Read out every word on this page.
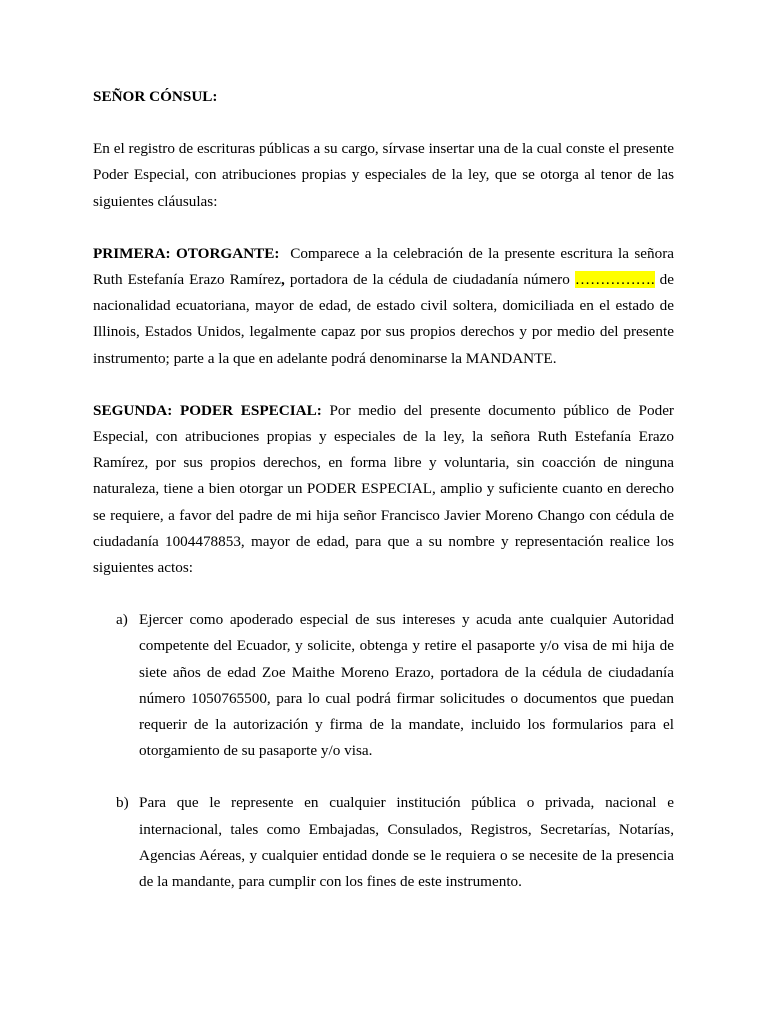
SEÑOR CÓNSUL:

En el registro de escrituras públicas a su cargo, sírvase insertar una de la cual conste el presente Poder Especial, con atribuciones propias y especiales de la ley, que se otorga al tenor de las siguientes cláusulas:

PRIMERA: OTORGANTE:  Comparece a la celebración de la presente escritura la señora Ruth Estefanía Erazo Ramírez, portadora de la cédula de ciudadanía número ……………. de nacionalidad ecuatoriana, mayor de edad, de estado civil soltera, domiciliada en el estado de Illinois, Estados Unidos, legalmente capaz por sus propios derechos y por medio del presente instrumento; parte a la que en adelante podrá denominarse la MANDANTE.

SEGUNDA: PODER ESPECIAL: Por medio del presente documento público de Poder Especial, con atribuciones propias y especiales de la ley, la señora Ruth Estefanía Erazo Ramírez, por sus propios derechos, en forma libre y voluntaria, sin coacción de ninguna naturaleza, tiene a bien otorgar un PODER ESPECIAL, amplio y suficiente cuanto en derecho se requiere, a favor del padre de mi hija señor Francisco Javier Moreno Chango con cédula de ciudadanía 1004478853, mayor de edad, para que a su nombre y representación realice los siguientes actos:

a) Ejercer como apoderado especial de sus intereses y acuda ante cualquier Autoridad competente del Ecuador, y solicite, obtenga y retire el pasaporte y/o visa de mi hija de siete años de edad Zoe Maithe Moreno Erazo, portadora de la cédula de ciudadanía número 1050765500, para lo cual podrá firmar solicitudes o documentos que puedan requerir de la autorización y firma de la mandate, incluido los formularios para el otorgamiento de su pasaporte y/o visa.
b) Para que le represente en cualquier institución pública o privada, nacional e internacional, tales como Embajadas, Consulados, Registros, Secretarías, Notarías, Agencias Aéreas, y cualquier entidad donde se le requiera o se necesite de la presencia de la mandante, para cumplir con los fines de este instrumento.
